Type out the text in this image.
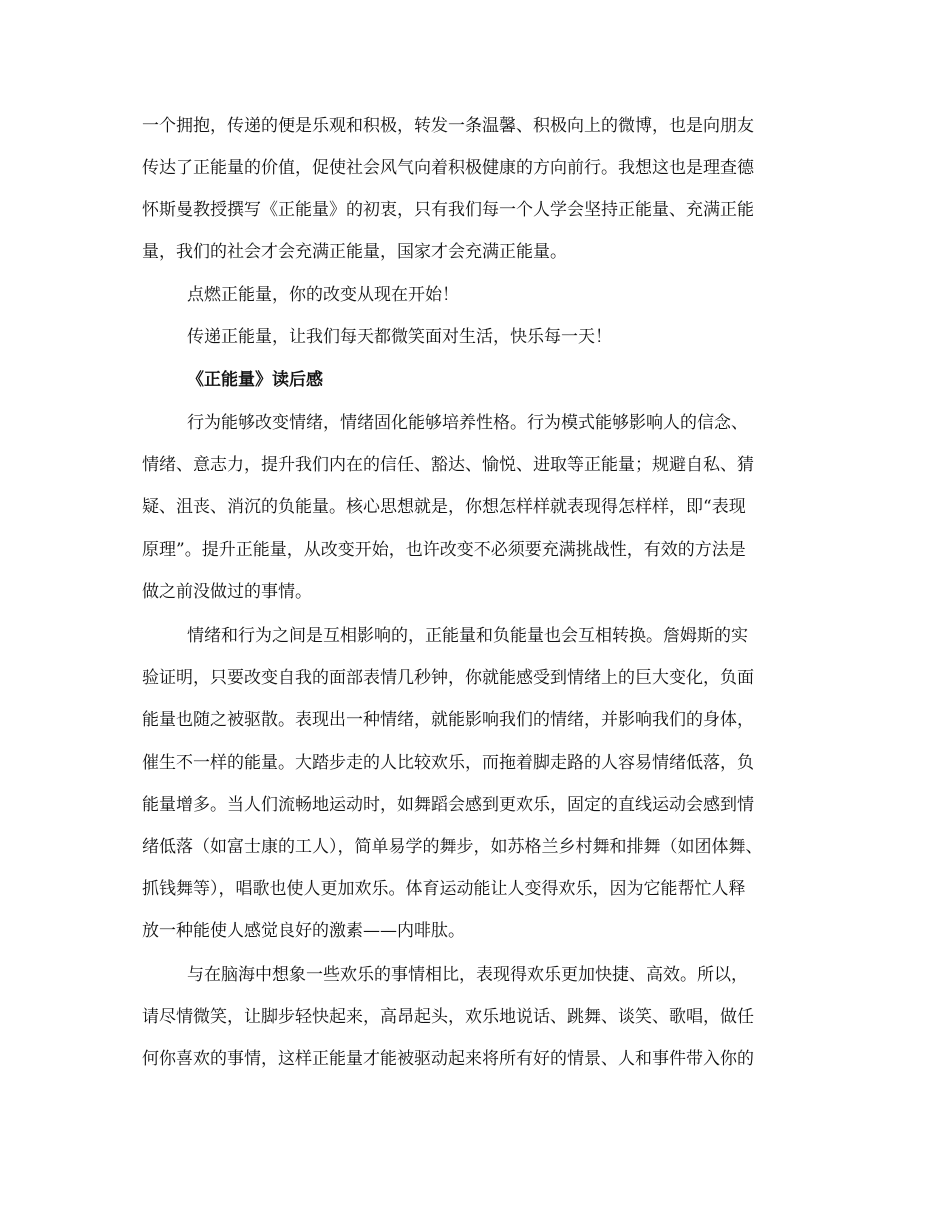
一个拥抱，传递的便是乐观和积极，转发一条温馨、积极向上的微博，也是向朋友

传达了正能量的价值，促使社会风气向着积极健康的方向前行。我想这也是理查德

怀斯曼教授撰写《正能量》的初衷，只有我们每一个人学会坚持正能量、充满正能

量，我们的社会才会充满正能量，国家才会充满正能量。

点燃正能量，你的改变从现在开始！

传递正能量，让我们每天都微笑面对生活，快乐每一天！

《正能量》读后感

行为能够改变情绪，情绪固化能够培养性格。行为模式能够影响人的信念、

情绪、意志力，提升我们内在的信任、豁达、愉悦、进取等正能量；规避自私、猜

疑、沮丧、消沉的负能量。核心思想就是，你想怎样样就表现得怎样样，即“表现

原理”。提升正能量，从改变开始，也许改变不必须要充满挑战性，有效的方法是

做之前没做过的事情。

情绪和行为之间是互相影响的，正能量和负能量也会互相转换。詹姆斯的实

验证明，只要改变自我的面部表情几秒钟，你就能感受到情绪上的巨大变化，负面

能量也随之被驱散。表现出一种情绪，就能影响我们的情绪，并影响我们的身体，

催生不一样的能量。大踏步走的人比较欢乐，而拖着脚走路的人容易情绪低落，负

能量增多。当人们流畅地运动时，如舞蹈会感到更欢乐，固定的直线运动会感到情

绪低落（如富士康的工人），简单易学的舞步，如苏格兰乡村舞和排舞（如团体舞、

抓钱舞等），唱歌也使人更加欢乐。体育运动能让人变得欢乐，因为它能帮忙人释

放一种能使人感觉良好的激素——内啡肽。

与在脑海中想象一些欢乐的事情相比，表现得欢乐更加快捷、高效。所以，

请尽情微笑，让脚步轻快起来，高昂起头，欢乐地说话、跳舞、谈笑、歌唱，做任

何你喜欢的事情，这样正能量才能被驱动起来将所有好的情景、人和事件带入你的
